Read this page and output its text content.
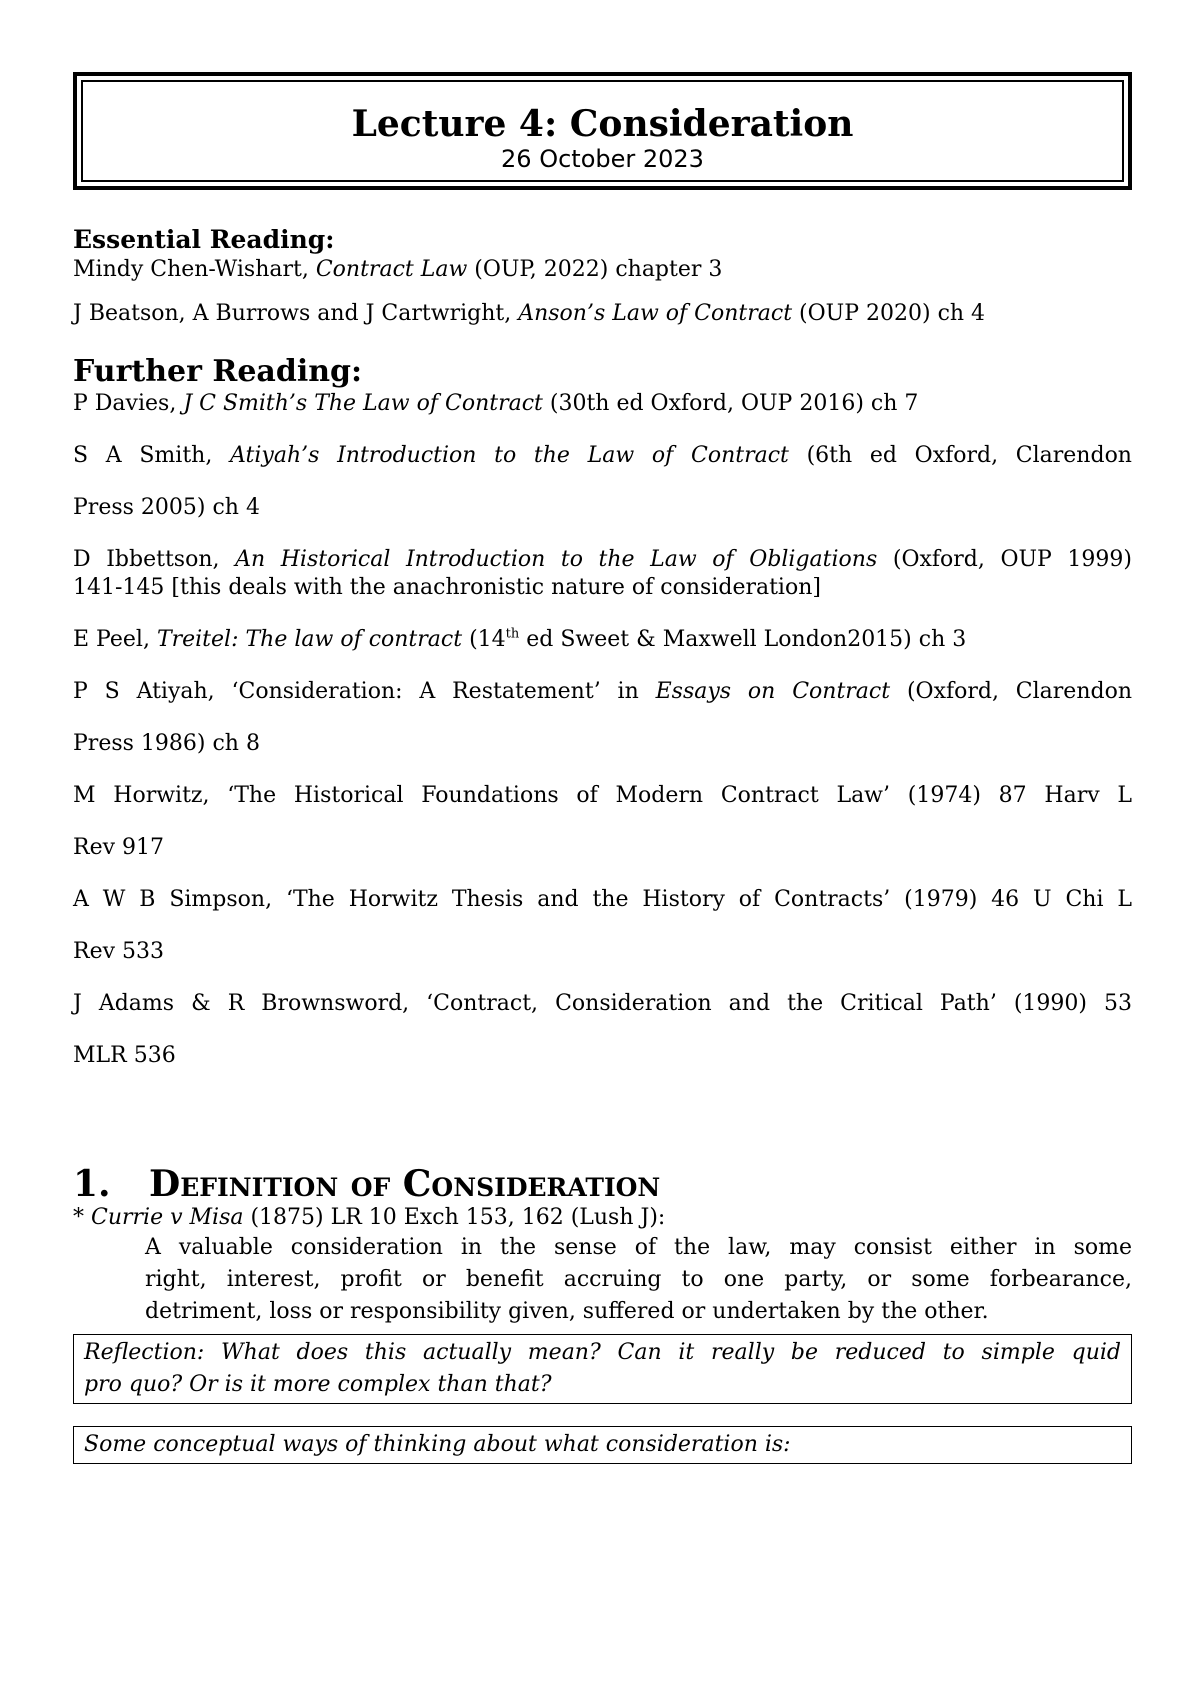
Lecture 4: Consideration
26 October 2023
Essential Reading:

Mindy Chen-Wishart, Contract Law (OUP, 2022) chapter 3

J Beatson, A Burrows and J Cartwright, Anson’s Law of Contract (OUP 2020) ch 4

Further Reading:

P Davies, J C Smith’s The Law of Contract (30th ed Oxford, OUP 2016) ch 7

S A Smith, Atiyah’s Introduction to the Law of Contract (6th ed Oxford, Clarendon

Press 2005) ch 4

D Ibbettson, An Historical Introduction to the Law of Obligations (Oxford, OUP 1999)

141-145 [this deals with the anachronistic nature of consideration]

E Peel, Treitel: The law of contract (14th ed Sweet & Maxwell London2015) ch 3

P S Atiyah, ‘Consideration: A Restatement’ in Essays on Contract (Oxford, Clarendon

Press 1986) ch 8

M Horwitz, ‘The Historical Foundations of Modern Contract Law’ (1974) 87 Harv L

Rev 917

A W B Simpson, ‘The Horwitz Thesis and the History of Contracts’ (1979) 46 U Chi L

Rev 533

J Adams & R Brownsword, ‘Contract, Consideration and the Critical Path’ (1990) 53

MLR 536

1. Definition of Consideration

* Currie v Misa (1875) LR 10 Exch 153, 162 (Lush J):

A valuable consideration in the sense of the law, may consist either in some
right, interest, profit or benefit accruing to one party, or some forbearance,
detriment, loss or responsibility given, suffered or undertaken by the other.
Reflection: What does this actually mean? Can it really be reduced to simple quid
pro quo? Or is it more complex than that?
Some conceptual ways of thinking about what consideration is:
